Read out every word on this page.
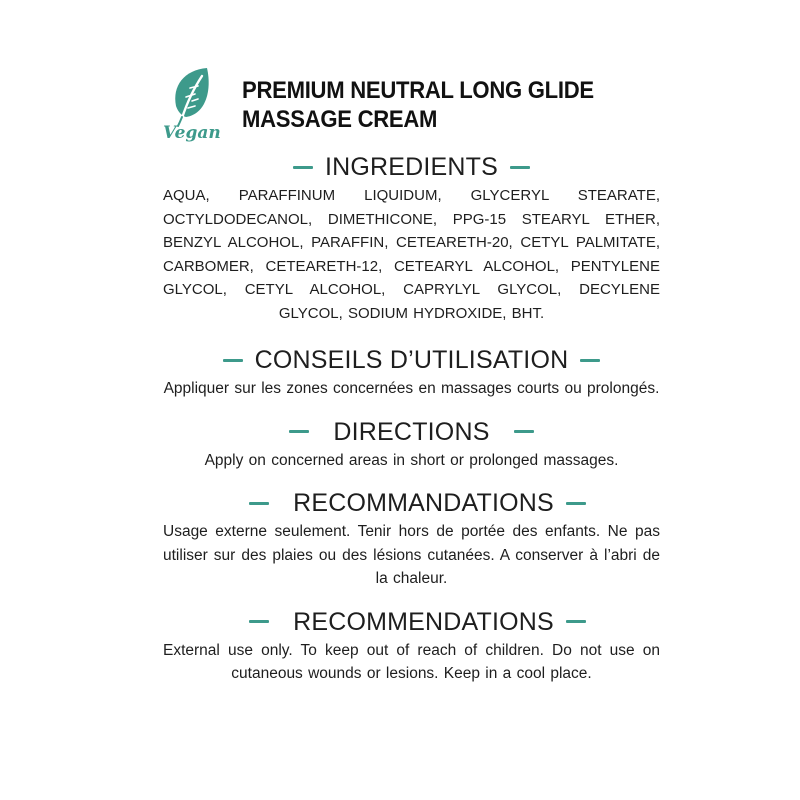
Vegan
PREMIUM NEUTRAL LONG GLIDE
MASSAGE CREAM
INGREDIENTS
AQUA, PARAFFINUM LIQUIDUM, GLYCERYL STEARATE, OCTYLDODECANOL, DIMETHICONE, PPG-15 STEARYL ETHER, BENZYL ALCOHOL, PARAFFIN, CETEARETH-20, CETYL PALMITATE, CARBOMER, CETEARETH-12, CETEARYL ALCOHOL, PENTYLENE GLYCOL, CETYL ALCOHOL, CAPRYLYL GLYCOL, DECYLENE GLYCOL, SODIUM HYDROXIDE, BHT.
CONSEILS D’UTILISATION
Appliquer sur les zones concernées en massages courts ou prolongés.
DIRECTIONS
Apply on concerned areas in short or prolonged massages.
RECOMMANDATIONS
Usage externe seulement. Tenir hors de portée des enfants. Ne pas utiliser sur des plaies ou des lésions cutanées. A conserver à l’abri de la chaleur.
RECOMMENDATIONS
External use only. To keep out of reach of children. Do not use on cutaneous wounds or lesions. Keep in a cool place.
